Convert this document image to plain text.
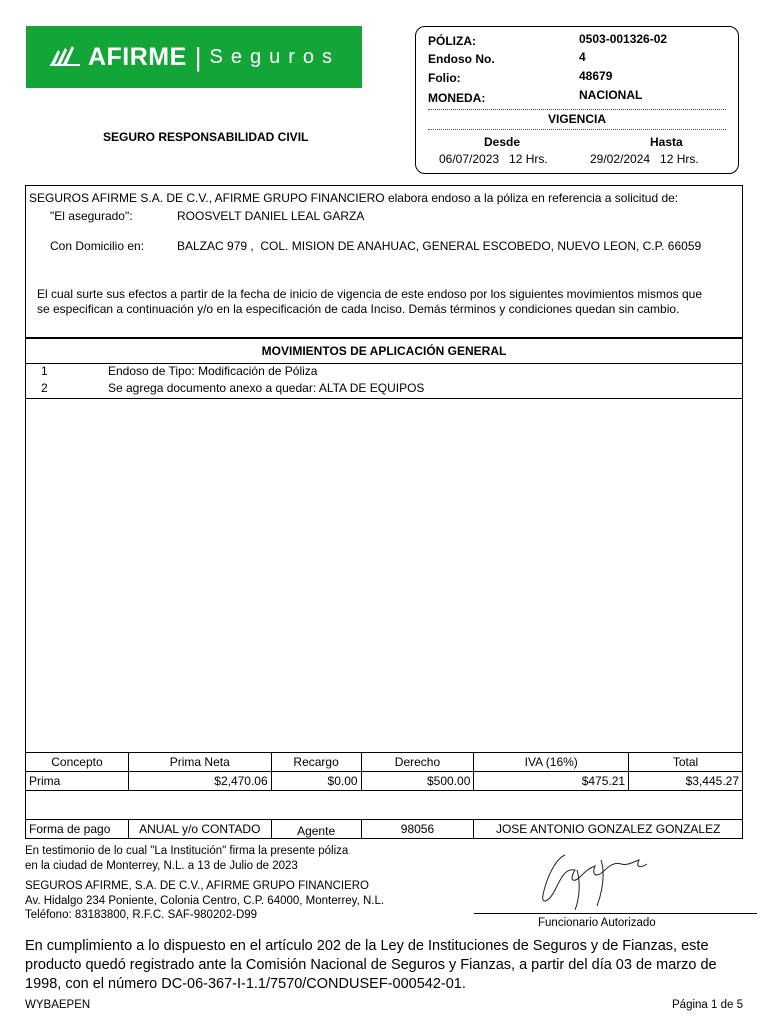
AFIRME | Seguros
SEGURO RESPONSABILIDAD CIVIL
PÓLIZA:	0503-001326-02
Endoso No.	4
Folio:	48679
MONEDA:	NACIONAL
VIGENCIA
Desde	Hasta
06/07/2023   12 Hrs.	29/02/2024   12 Hrs.
SEGUROS AFIRME S.A. DE C.V., AFIRME GRUPO FINANCIERO elabora endoso a la póliza en referencia a solicitud de:
"El asegurado":	ROOSVELT DANIEL LEAL GARZA
Con Domicilio en:	BALZAC 979 ,  COL. MISION DE ANAHUAC, GENERAL ESCOBEDO, NUEVO LEON, C.P. 66059
El cual surte sus efectos a partir de la fecha de inicio de vigencia de este endoso por los siguientes movimientos mismos que
se especifican a continuación y/o en la especificación de cada Inciso. Demás términos y condiciones quedan sin cambio.
MOVIMIENTOS DE APLICACIÓN GENERAL
1	Endoso de Tipo: Modificación de Póliza
2	Se agrega documento anexo a quedar: ALTA DE EQUIPOS
Concepto	Prima Neta	Recargo	Derecho	IVA (16%)	Total
Prima	$2,470.06	$0.00	$500.00	$475.21	$3,445.27

Forma de pago	ANUAL y/o CONTADO	Agente	98056	JOSE ANTONIO GONZALEZ GONZALEZ	
En testimonio de lo cual "La Institución" firma la presente póliza
en la ciudad de Monterrey, N.L. a 13 de Julio de 2023
SEGUROS AFIRME, S.A. DE C.V., AFIRME GRUPO FINANCIERO
Av. Hidalgo 234 Poniente, Colonia Centro, C.P. 64000, Monterrey, N.L.
Teléfono: 83183800, R.F.C. SAF-980202-D99
Funcionario Autorizado
En cumplimiento a lo dispuesto en el artículo 202 de la Ley de Instituciones de Seguros y de Fianzas, este
producto quedó registrado ante la Comisión Nacional de Seguros y Fianzas, a partir del día 03 de marzo de
1998, con el número DC-06-367-I-1.1/7570/CONDUSEF-000542-01.
WYBAEPEN	Página 1 de 5
